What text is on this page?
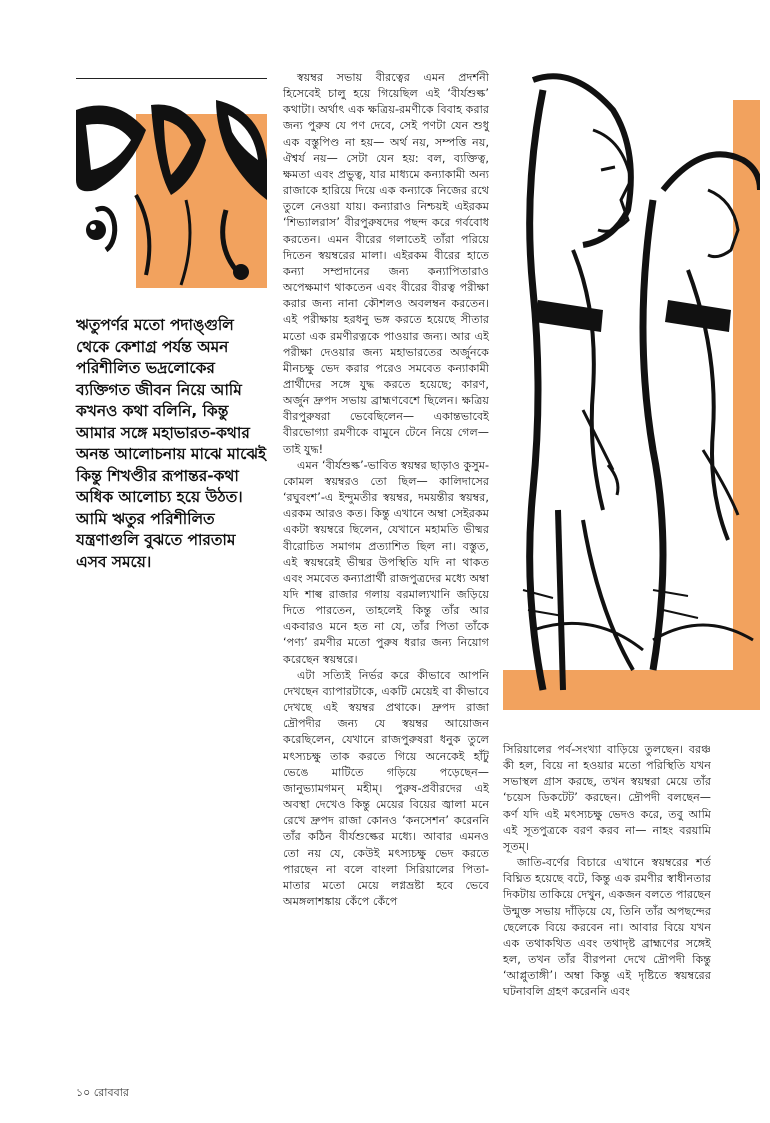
ঋতুপর্ণর মতো পদাঙ্গুলি থেকে কেশাগ্র পর্যন্ত অমন পরিশীলিত ভদ্রলোকের ব্যক্তিগত জীবন নিয়ে আমি কখনও কথা বলিনি, কিন্তু আমার সঙ্গে মহাভারত-কথার অনন্ত আলোচনায় মাঝে মাঝেই কিন্তু শিখণ্ডীর রূপান্তর-কথা অধিক আলোচ্য হয়ে উঠত। আমি ঋতুর পরিশীলিত যন্ত্রণাগুলি বুঝতে পারতাম এসব সময়ে।

স্বয়ম্বর সভায় বীরত্বের এমন প্রদর্শনী হিসেবেই চালু হয়ে গিয়েছিল এই ‘বীর্যশুল্ক’ কথাটা। অর্থাৎ এক ক্ষত্রিয়-রমণীকে বিবাহ করার জন্য পুরুষ যে পণ দেবে, সেই পণটা যেন শুধু এক বস্তুপিণ্ড না হয়— অর্থ নয়, সম্পত্তি নয়, ঐশ্বর্য নয়— সেটা যেন হয়: বল, ব্যক্তিত্ব, ক্ষমতা এবং প্রভুত্ব, যার মাধ্যমে কন্যাকামী অন্য রাজাকে হারিয়ে দিয়ে এক কন্যাকে নিজের রথে তুলে নেওয়া যায়। কন্যারাও নিশ্চয়ই এইরকম ‘শিভ্যালরাস’ বীরপুরুষদের পছন্দ করে গর্ববোধ করতেন। এমন বীরের গলাতেই তাঁরা পরিয়ে দিতেন স্বয়ম্বরের মালা। এইরকম বীরের হাতে কন্যা সম্প্রদানের জন্য কন্যাপিতারাও অপেক্ষমাণ থাকতেন এবং বীরের বীরত্ব পরীক্ষা করার জন্য নানা কৌশলও অবলম্বন করতেন। এই পরীক্ষায় হরধনু ভঙ্গ করতে হয়েছে সীতার মতো এক রমণীরত্নকে পাওয়ার জন্য। আর এই পরীক্ষা দেওয়ার জন্য মহাভারতের অর্জুনকে মীনচক্ষু ভেদ করার পরেও সমবেত কন্যাকামী প্রার্থীদের সঙ্গে যুদ্ধ করতে হয়েছে; কারণ, অর্জুন দ্রুপদ সভায় ব্রাহ্মণবেশে ছিলেন। ক্ষত্রিয় বীরপুরুষরা ভেবেছিলেন— একান্তভাবেই বীরভোগ্যা রমণীকে বামুনে টেনে নিয়ে গেল— তাই যুদ্ধ!

এমন ‘বীর্যশুল্ক’-ভাবিত স্বয়ম্বর ছাড়াও কুসুম-কোমল স্বয়ম্বরও তো ছিল— কালিদাসের ‘রঘুবংশ’-এ ইন্দুমতীর স্বয়ম্বর, দময়ন্তীর স্বয়ম্বর, এরকম আরও কত। কিন্তু এখানে অম্বা সেইরকম একটা স্বয়ম্বরে ছিলেন, যেখানে মহামতি ভীষ্মর বীরোচিত সমাগম প্রত্যাশিত ছিল না। বস্তুত, এই স্বয়ম্বরেই ভীষ্মর উপস্থিতি যদি না থাকত এবং সমবেত কন্যাপ্রার্থী রাজপুত্রদের মধ্যে অম্বা যদি শাল্ব রাজার গলায় বরমাল্যখানি জড়িয়ে দিতে পারতেন, তাহলেই কিন্তু তাঁর আর একবারও মনে হত না যে, তাঁর পিতা তাঁকে ‘পণ্য’ রমণীর মতো পুরুষ ধরার জন্য নিয়োগ করেছেন স্বয়ম্বরে।

এটা সত্যিই নির্ভর করে কীভাবে আপনি দেখছেন ব্যাপারটাকে, একটি মেয়েই বা কীভাবে দেখছে এই স্বয়ম্বর প্রথাকে। দ্রুপদ রাজা দ্রৌপদীর জন্য যে স্বয়ম্বর আয়োজন করেছিলেন, যেখানে রাজপুরুষরা ধনুক তুলে মৎস্যচক্ষু তাক করতে গিয়ে অনেকেই হাঁটু ভেঙে মাটিতে গড়িয়ে পড়েছেন— জানুভ্যামগমন্ মহীম্। পুরুষ-প্রবীরদের এই অবস্থা দেখেও কিন্তু মেয়ের বিয়ের জ্বালা মনে রেখে দ্রুপদ রাজা কোনও ‘কনসেশন’ করেননি তাঁর কঠিন বীর্যশুল্কের মধ্যে। আবার এমনও তো নয় যে, কেউই মৎস্যচক্ষু ভেদ করতে পারছেন না বলে বাংলা সিরিয়ালের পিতা-মাতার মতো মেয়ে লগ্নভ্রষ্টা হবে ভেবে অমঙ্গলাশঙ্কায় কেঁপে কেঁপে

সিরিয়ালের পর্ব-সংখ্যা বাড়িয়ে তুলছেন। বরঞ্চ কী হল, বিয়ে না হওয়ার মতো পরিস্থিতি যখন সভাস্থল গ্রাস করছে, তখন স্বয়ম্বরা মেয়ে তাঁর ‘চয়েস ডিকটেট’ করছেন। দ্রৌপদী বলছেন— কর্ণ যদি এই মৎস্যচক্ষু ভেদও করে, তবু আমি এই সূতপুত্রকে বরণ করব না— নাহং বরয়ামি সূতম্।

জাতি-বর্ণের বিচারে এখানে স্বয়ম্বরের শর্ত বিঘ্নিত হয়েছে বটে, কিন্তু এক রমণীর স্বাধীনতার দিকটায় তাকিয়ে দেখুন, একজন বলতে পারছেন উন্মুক্ত সভায় দাঁড়িয়ে যে, তিনি তাঁর অপছন্দের ছেলেকে বিয়ে করবেন না। আবার বিয়ে যখন এক তথাকথিত এবং তথাদৃষ্ট ব্রাহ্মণের সঙ্গেই হল, তখন তাঁর বীরপনা দেখে দ্রৌপদী কিন্তু ‘আপ্লুতাঙ্গী’। অম্বা কিন্তু এই দৃষ্টিতে স্বয়ম্বরের ঘটনাবলি গ্রহণ করেননি এবং

১০ রোববার
